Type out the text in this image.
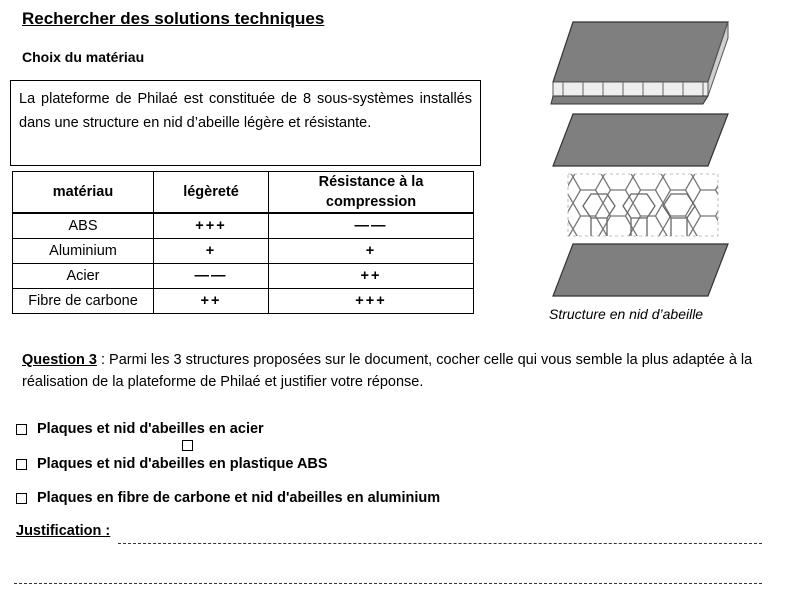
Rechercher des solutions techniques
Choix du matériau
La plateforme de Philaé est constituée de 8 sous-systèmes installés dans une structure en nid d’abeille légère et résistante.
matériau	légèreté	Résistance à la compression
ABS	+++	——
Aluminium	+	+
Acier	——	++
Fibre de carbone	++	+++
Structure en nid d’abeille
Question 3 : Parmi les 3 structures proposées sur le document, cocher celle qui vous semble la plus adaptée à la réalisation de la plateforme de Philaé et justifier votre réponse.
Plaques et nid d'abeilles en acier
Plaques et nid d'abeilles en plastique ABS
Plaques en fibre de carbone et nid d'abeilles en aluminium
Justification :
